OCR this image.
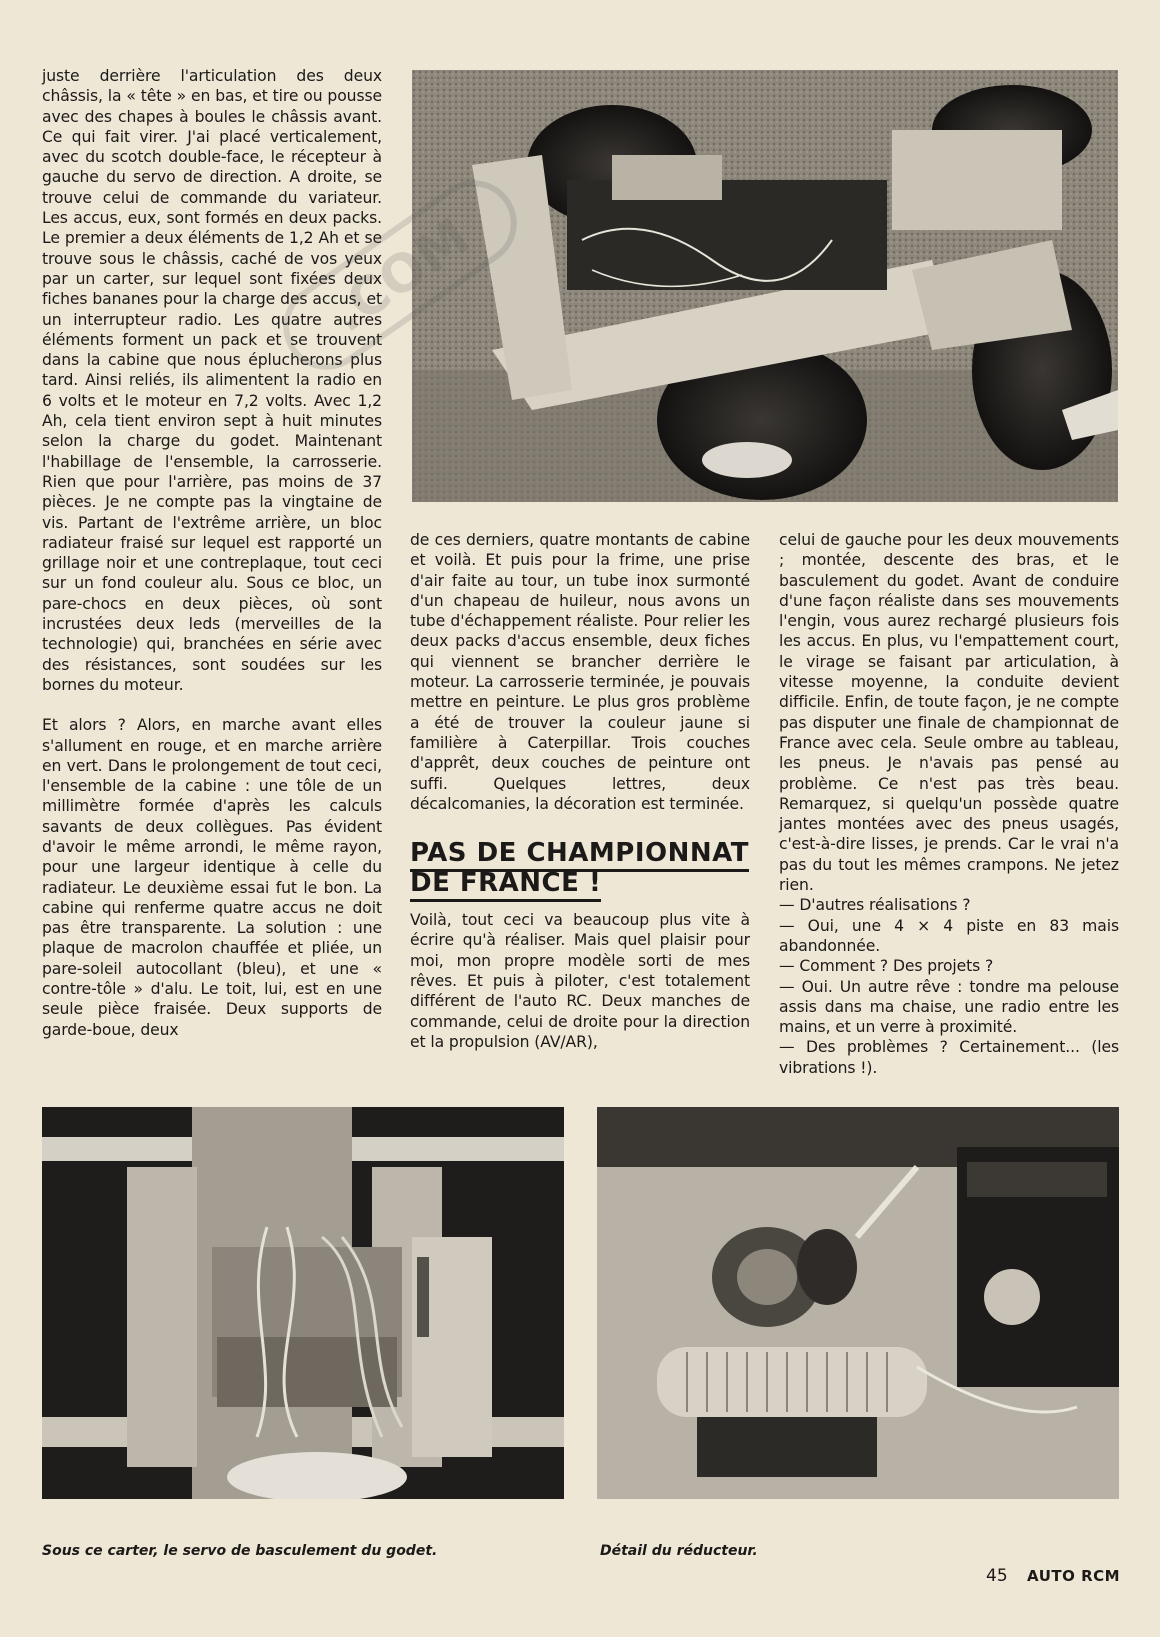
juste derrière l'articulation des deux châssis, la « tête » en bas, et tire ou pousse avec des chapes à boules le châssis avant. Ce qui fait virer. J'ai placé verticalement, avec du scotch double-face, le récepteur à gauche du servo de direction. A droite, se trouve celui de commande du variateur. Les accus, eux, sont formés en deux packs. Le premier a deux éléments de 1,2 Ah et se trouve sous le châssis, caché de vos yeux par un carter, sur lequel sont fixées deux fiches bananes pour la charge des accus, et un interrupteur radio. Les quatre autres éléments forment un pack et se trouvent dans la cabine que nous éplucherons plus tard. Ainsi reliés, ils alimentent la radio en 6 volts et le moteur en 7,2 volts. Avec 1,2 Ah, cela tient environ sept à huit minutes selon la charge du godet. Maintenant l'habillage de l'ensemble, la carrosserie. Rien que pour l'arrière, pas moins de 37 pièces. Je ne compte pas la vingtaine de vis. Partant de l'extrême arrière, un bloc radiateur fraisé sur lequel est rapporté un grillage noir et une contreplaque, tout ceci sur un fond couleur alu. Sous ce bloc, un pare-chocs en deux pièces, où sont incrustées deux leds (merveilles de la technologie) qui, branchées en série avec des résistances, sont soudées sur les bornes du moteur.

Et alors ? Alors, en marche avant elles s'allument en rouge, et en marche arrière en vert. Dans le prolongement de tout ceci, l'ensemble de la cabine : une tôle de un millimètre formée d'après les calculs savants de deux collègues. Pas évident d'avoir le même arrondi, le même rayon, pour une largeur identique à celle du radiateur. Le deuxième essai fut le bon. La cabine qui renferme quatre accus ne doit pas être transparente. La solution : une plaque de macrolon chauffée et pliée, un pare-soleil autocollant (bleu), et une « contre-tôle » d'alu. Le toit, lui, est en une seule pièce fraisée. Deux supports de garde-boue, deux

de ces derniers, quatre montants de cabine et voilà. Et puis pour la frime, une prise d'air faite au tour, un tube inox surmonté d'un chapeau de huileur, nous avons un tube d'échappement réaliste. Pour relier les deux packs d'accus ensemble, deux fiches qui viennent se brancher derrière le moteur. La carrosserie terminée, je pouvais mettre en peinture. Le plus gros problème a été de trouver la couleur jaune si familière à Caterpillar. Trois couches d'apprêt, deux couches de peinture ont suffi. Quelques lettres, deux décalcomanies, la décoration est terminée.

PAS DE CHAMPIONNAT
DE FRANCE !

Voilà, tout ceci va beaucoup plus vite à écrire qu'à réaliser. Mais quel plaisir pour moi, mon propre modèle sorti de mes rêves. Et puis à piloter, c'est totalement différent de l'auto RC. Deux manches de commande, celui de droite pour la direction et la propulsion (AV/AR),

celui de gauche pour les deux mouvements ; montée, descente des bras, et le basculement du godet. Avant de conduire d'une façon réaliste dans ses mouvements l'engin, vous aurez rechargé plusieurs fois les accus. En plus, vu l'empattement court, le virage se faisant par articulation, à vitesse moyenne, la conduite devient difficile. Enfin, de toute façon, je ne compte pas disputer une finale de championnat de France avec cela. Seule ombre au tableau, les pneus. Je n'avais pas pensé au problème. Ce n'est pas très beau. Remarquez, si quelqu'un possède quatre jantes montées avec des pneus usagés, c'est-à-dire lisses, je prends. Car le vrai n'a pas du tout les mêmes crampons. Ne jetez rien.

— D'autres réalisations ?
— Oui, une 4 × 4 piste en 83 mais abandonnée.
— Comment ? Des projets ?
— Oui. Un autre rêve : tondre ma pelouse assis dans ma chaise, une radio entre les mains, et un verre à proximité.
— Des problèmes ? Certainement... (les vibrations !).
Sous ce carter, le servo de basculement du godet.	Détail du réducteur.
45 AUTO RCM
.COM
